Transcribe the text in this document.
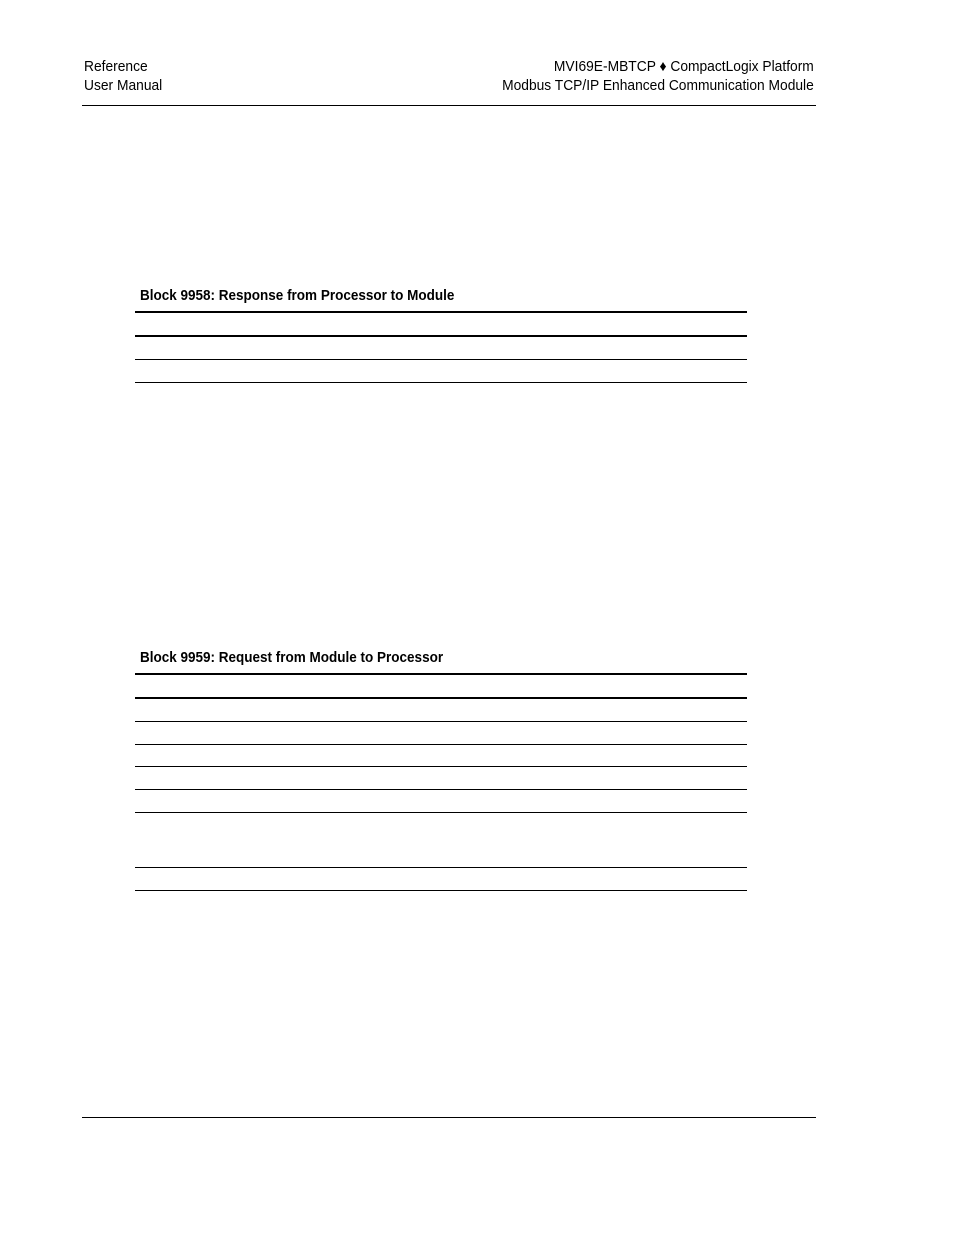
Reference
User Manual
MVI69E-MBTCP ♦ CompactLogix Platform
Modbus TCP/IP Enhanced Communication Module
Block 9958: Response from Processor to Module
Block 9959: Request from Module to Processor
